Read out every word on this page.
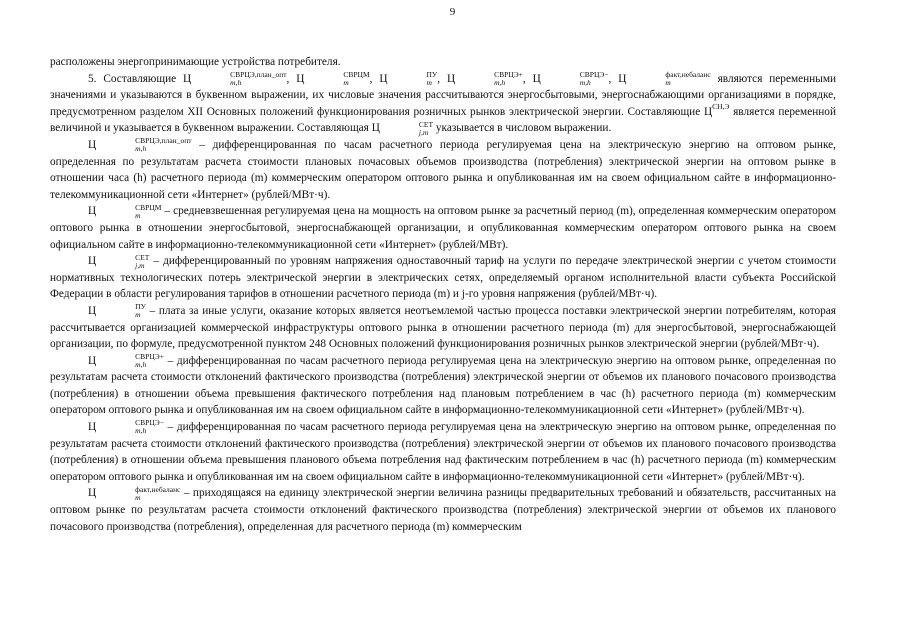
9

расположены энергопринимающие устройства потребителя.

5. Составляющие Ц	СВРЦЭ,план_опт
m,h	, Ц	СВРЦМ
m	, Ц	ПУ
m , Ц	СВРЦЭ+
m,h	, Ц	СВРЦЭ−
m,h	, Ц	факт,небаланс
m	являются переменными значениями и указываются в буквенном выражении, их числовые значения рассчитываются энергосбытовыми, энергоснабжающими организациями в порядке, предусмотренном разделом XII Основных положений функционирования розничных рынков электрической энергии. Составляющие $Ц^{СН,Э}$ является переменной величиной и указывается в буквенном выражении. Составляющая Ц	СЕТ
j,m указывается в числовом выражении.

Ц	СВРЦЭ,план_опт
m,h	– дифференцированная по часам расчетного периода регулируемая цена на электрическую энергию на оптовом рынке, определенная по результатам расчета стоимости плановых почасовых объемов производства (потребления) электрической энергии на оптовом рынке в отношении часа (h) расчетного периода (m) коммерческим оператором оптового рынка и опубликованная им на своем официальном сайте в информационно-телекоммуникационной сети «Интернет» (рублей/МВт·ч).

Ц	СВРЦМ
m	– средневзвешенная регулируемая цена на мощность на оптовом рынке за расчетный период (m), определенная коммерческим оператором оптового рынка в отношении энергосбытовой, энергоснабжающей организации, и опубликованная коммерческим оператором оптового рынка на своем официальном сайте в информационно-телекоммуникационной сети «Интернет» (рублей/МВт).

Ц	СЕТ
j,m – дифференцированный по уровням напряжения одноставочный тариф на услуги по передаче электрической энергии с учетом стоимости нормативных технологических потерь электрической энергии в электрических сетях, определяемый органом исполнительной власти субъекта Российской Федерации в области регулирования тарифов в отношении расчетного периода (m) и j-го уровня напряжения (рублей/МВт·ч).

Ц	ПУ
m – плата за иные услуги, оказание которых является неотъемлемой частью процесса поставки электрической энергии потребителям, которая рассчитывается организацией коммерческой инфраструктуры оптового рынка в отношении расчетного периода (m) для энергосбытовой, энергоснабжающей организации, по формуле, предусмотренной пунктом 248 Основных положений функционирования розничных рынков электрической энергии (рублей/МВт·ч).

Ц	СВРЦЭ+
m,h	– дифференцированная по часам расчетного периода регулируемая цена на электрическую энергию на оптовом рынке, определенная по результатам расчета стоимости отклонений фактического производства (потребления) электрической энергии от объемов их планового почасового производства (потребления) в отношении объема превышения фактического потребления над плановым потреблением в час (h) расчетного периода (m) коммерческим оператором оптового рынка и опубликованная им на своем официальном сайте в информационно-телекоммуникационной сети «Интернет» (рублей/МВт·ч).

Ц	СВРЦЭ−
m,h	– дифференцированная по часам расчетного периода регулируемая цена на электрическую энергию на оптовом рынке, определенная по результатам расчета стоимости отклонений фактического производства (потребления) электрической энергии от объемов их планового почасового производства (потребления) в отношении объема превышения планового объема потребления над фактическим потреблением в час (h) расчетного периода (m) коммерческим оператором оптового рынка и опубликованная им на своем официальном сайте в информационно-телекоммуникационной сети «Интернет» (рублей/МВт·ч).

Ц	факт,небаланс
m	– приходящаяся на единицу электрической энергии величина разницы предварительных требований и обязательств, рассчитанных на оптовом рынке по результатам расчета стоимости отклонений фактического производства (потребления) электрической энергии от объемов их планового почасового производства (потребления), определенная для расчетного периода (m) коммерческим
